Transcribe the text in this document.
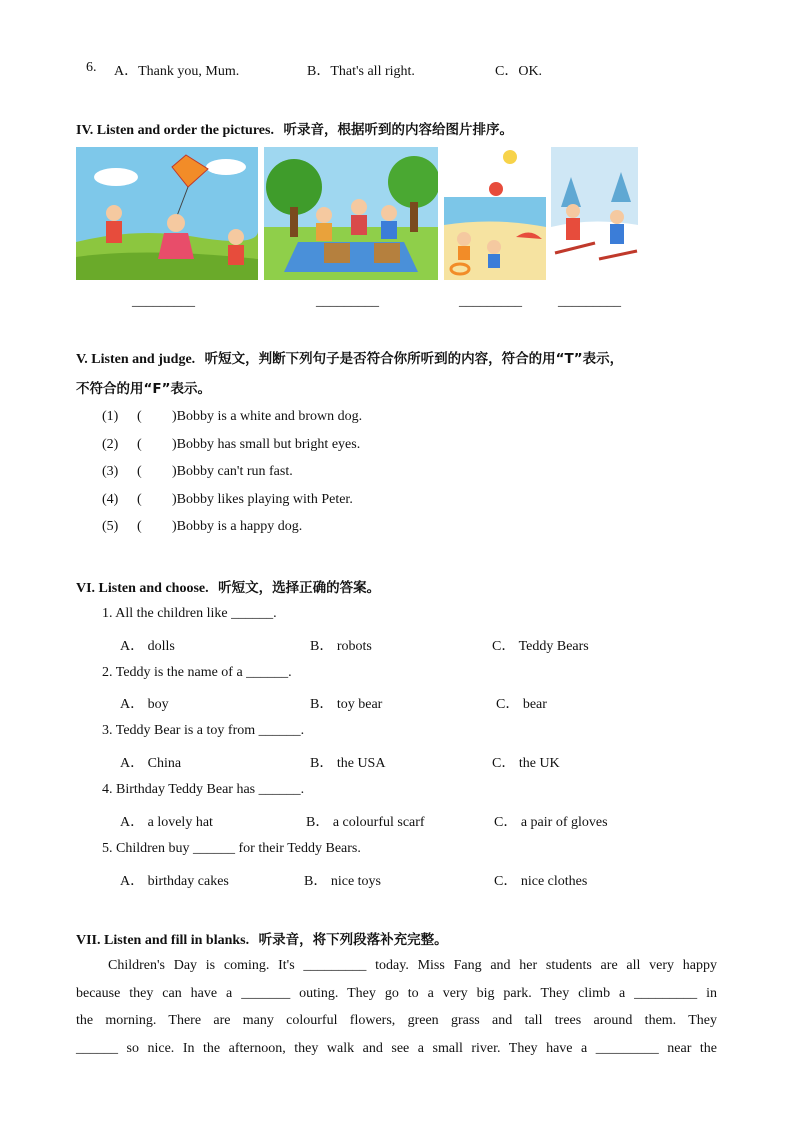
6. A．Thank you, Mum.	B．That's all right.	C．OK.
IV. Listen and order the pictures. 听录音，根据听到的内容给图片排序。
_________	_________	_________	_________
V. Listen and judge. 听短文，判断下列句子是否符合你所听到的内容，符合的用“T”表示，
不符合的用“F”表示。
(1) ( )Bobby is a white and brown dog.
(2) ( )Bobby has small but bright eyes.
(3) ( )Bobby can't run fast.
(4) ( )Bobby likes playing with Peter.
(5) ( )Bobby is a happy dog.
VI. Listen and choose. 听短文，选择正确的答案。
1. All the children like ______.
A． dolls	B． robots	C． Teddy Bears
2. Teddy is the name of a ______.
A． boy	B． toy bear	C． bear
3. Teddy Bear is a toy from ______.
A． China	B． the USA	C． the UK
4. Birthday Teddy Bear has ______.
A． a lovely hat	B． a colourful scarf	C． a pair of gloves
5. Children buy ______ for their Teddy Bears.
A． birthday cakes	B． nice toys	C． nice clothes
VII. Listen and fill in blanks. 听录音，将下列段落补充完整。
Children's Day is coming. It's _________ today. Miss Fang and her students are all very happy
because they can have a _______ outing. They go to a very big park. They climb a _________ in
the morning. There are many colourful flowers, green grass and tall trees around them. They
______ so nice. In the afternoon, they walk and see a small river. They have a _________ near the
